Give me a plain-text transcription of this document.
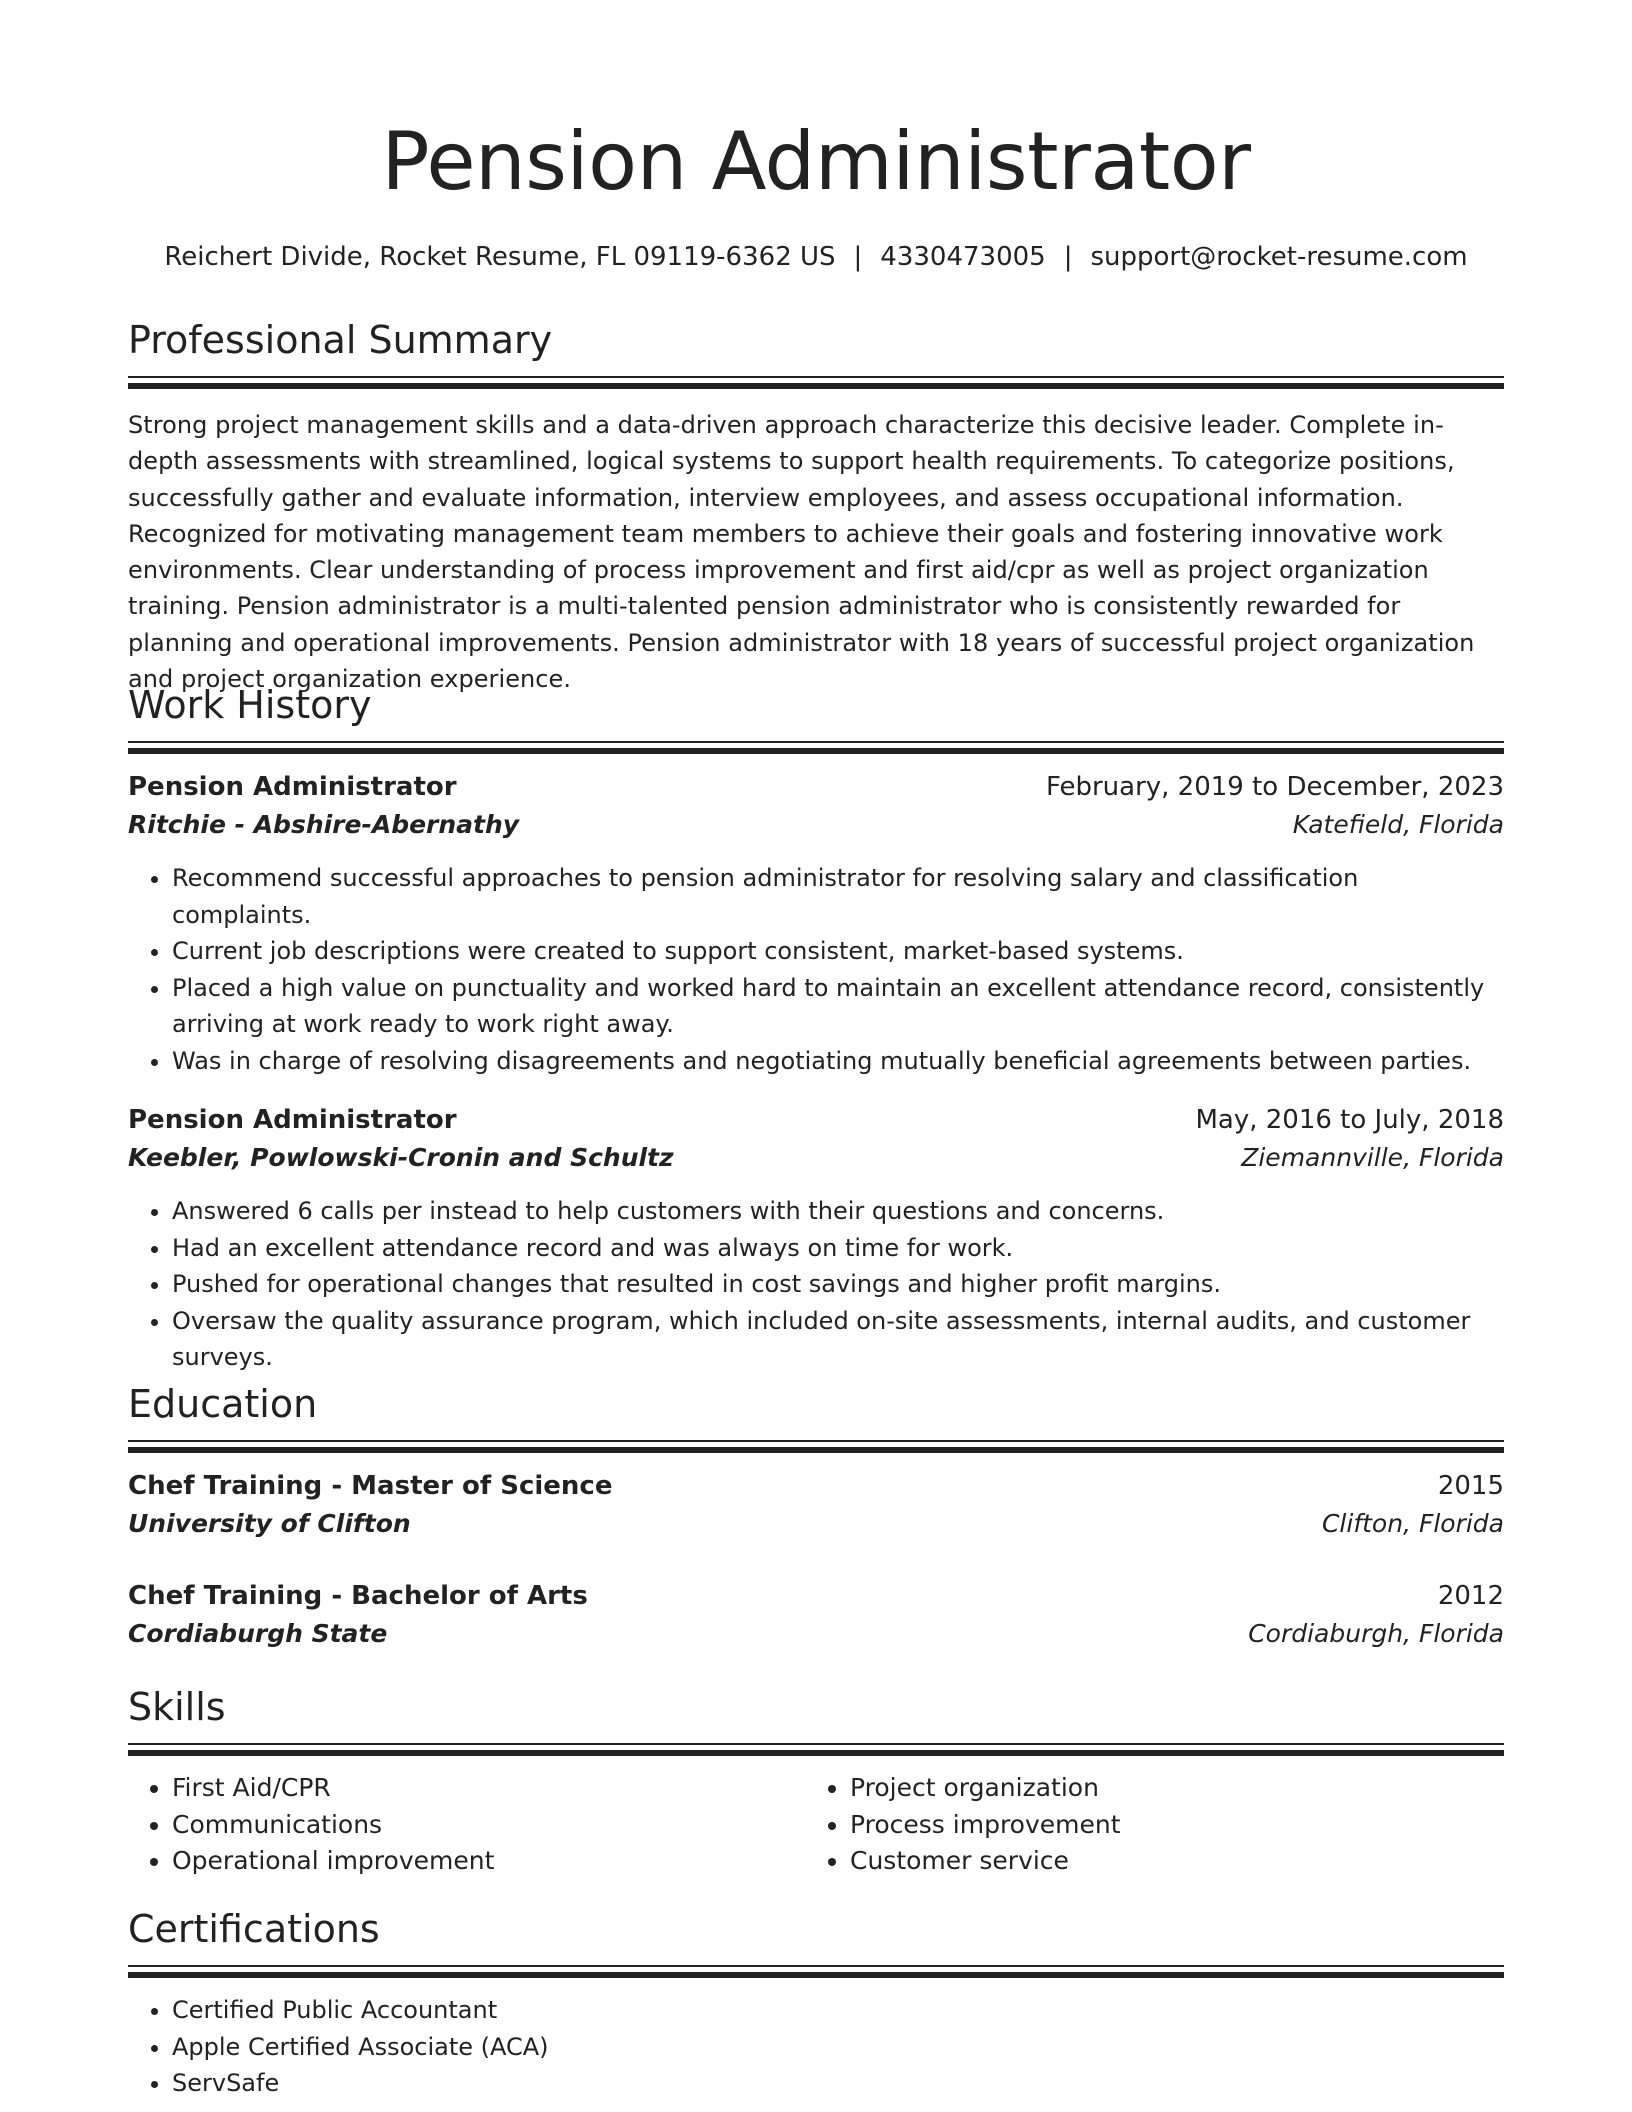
Pension Administrator
Reichert Divide, Rocket Resume, FL 09119-6362 US | 4330473005 | support@rocket-resume.com
Professional Summary

Strong project management skills and a data-driven approach characterize this decisive leader. Complete in-depth assessments with streamlined, logical systems to support health requirements. To categorize positions, successfully gather and evaluate information, interview employees, and assess occupational information. Recognized for motivating management team members to achieve their goals and fostering innovative work environments. Clear understanding of process improvement and first aid/cpr as well as project organization training. Pension administrator is a multi-talented pension administrator who is consistently rewarded for planning and operational improvements. Pension administrator with 18 years of successful project organization and project organization experience.

Work History
Pension Administrator	February, 2019 to December, 2023
Ritchie - Abshire-Abernathy	Katefield, Florida
• Recommend successful approaches to pension administrator for resolving salary and classification complaints.
• Current job descriptions were created to support consistent, market-based systems.
• Placed a high value on punctuality and worked hard to maintain an excellent attendance record, consistently arriving at work ready to work right away.
• Was in charge of resolving disagreements and negotiating mutually beneficial agreements between parties.
Pension Administrator	May, 2016 to July, 2018
Keebler, Powlowski-Cronin and Schultz	Ziemannville, Florida
• Answered 6 calls per instead to help customers with their questions and concerns.
• Had an excellent attendance record and was always on time for work.
• Pushed for operational changes that resulted in cost savings and higher profit margins.
• Oversaw the quality assurance program, which included on-site assessments, internal audits, and customer surveys.
Education
Chef Training - Master of Science	2015
University of Clifton	Clifton, Florida
Chef Training - Bachelor of Arts	2012
Cordiaburgh State	Cordiaburgh, Florida
Skills
• First Aid/CPR
• Communications
• Operational improvement
• Project organization
• Process improvement
• Customer service
Certifications
• Certified Public Accountant
• Apple Certified Associate (ACA)
• ServSafe
